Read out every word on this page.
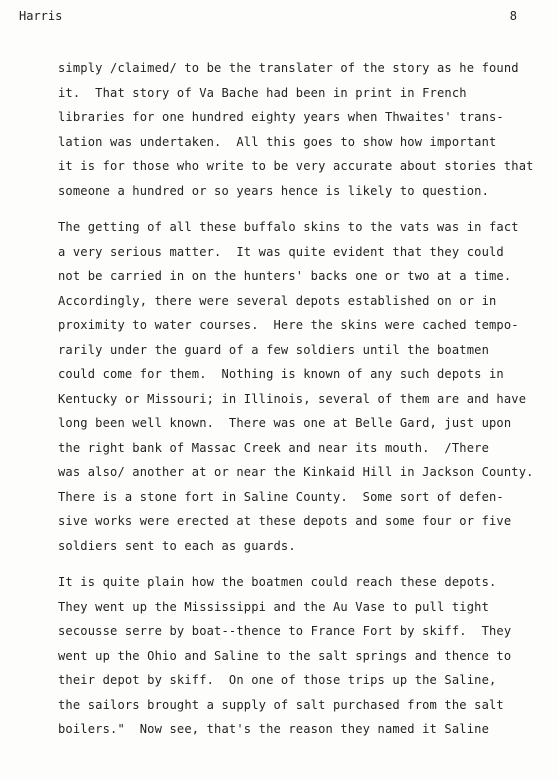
Harris	8
simply /claimed/ to be the translater of the story as he found
it.  That story of Va Bache had been in print in French
libraries for one hundred eighty years when Thwaites' trans-
lation was undertaken.  All this goes to show how important
it is for those who write to be very accurate about stories that
someone a hundred or so years hence is likely to question.
The getting of all these buffalo skins to the vats was in fact
a very serious matter.  It was quite evident that they could
not be carried in on the hunters' backs one or two at a time.
Accordingly, there were several depots established on or in
proximity to water courses.  Here the skins were cached tempo-
rarily under the guard of a few soldiers until the boatmen
could come for them.  Nothing is known of any such depots in
Kentucky or Missouri; in Illinois, several of them are and have
long been well known.  There was one at Belle Gard, just upon
the right bank of Massac Creek and near its mouth.  /There
was also/ another at or near the Kinkaid Hill in Jackson County.
There is a stone fort in Saline County.  Some sort of defen-
sive works were erected at these depots and some four or five
soldiers sent to each as guards.
It is quite plain how the boatmen could reach these depots.
They went up the Mississippi and the Au Vase to pull tight
secousse serre by boat--thence to France Fort by skiff.  They
went up the Ohio and Saline to the salt springs and thence to
their depot by skiff.  On one of those trips up the Saline,
the sailors brought a supply of salt purchased from the salt
boilers."  Now see, that's the reason they named it Saline
